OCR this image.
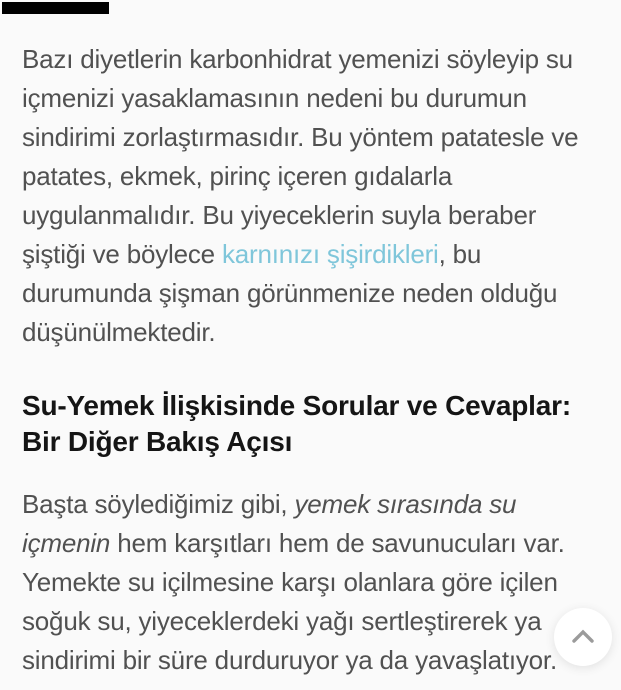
Bazı diyetlerin karbonhidrat yemenizi söyleyip su içmenizi yasaklamasının nedeni bu durumun sindirimi zorlaştırmasıdır. Bu yöntem patatesle ve patates, ekmek, pirinç içeren gıdalarla uygulanmalıdır. Bu yiyeceklerin suyla beraber şiştiği ve böylece karnınızı şişirdikleri, bu durumunda şişman görünmenize neden olduğu düşünülmektedir.

Su-Yemek İlişkisinde Sorular ve Cevaplar: Bir Diğer Bakış Açısı

Başta söylediğimiz gibi, yemek sırasında su içmenin hem karşıtları hem de savunucuları var. Yemekte su içilmesine karşı olanlara göre içilen soğuk su, yiyeceklerdeki yağı sertleştirerek ya sindirimi bir süre durduruyor ya da yavaşlatıyor.
